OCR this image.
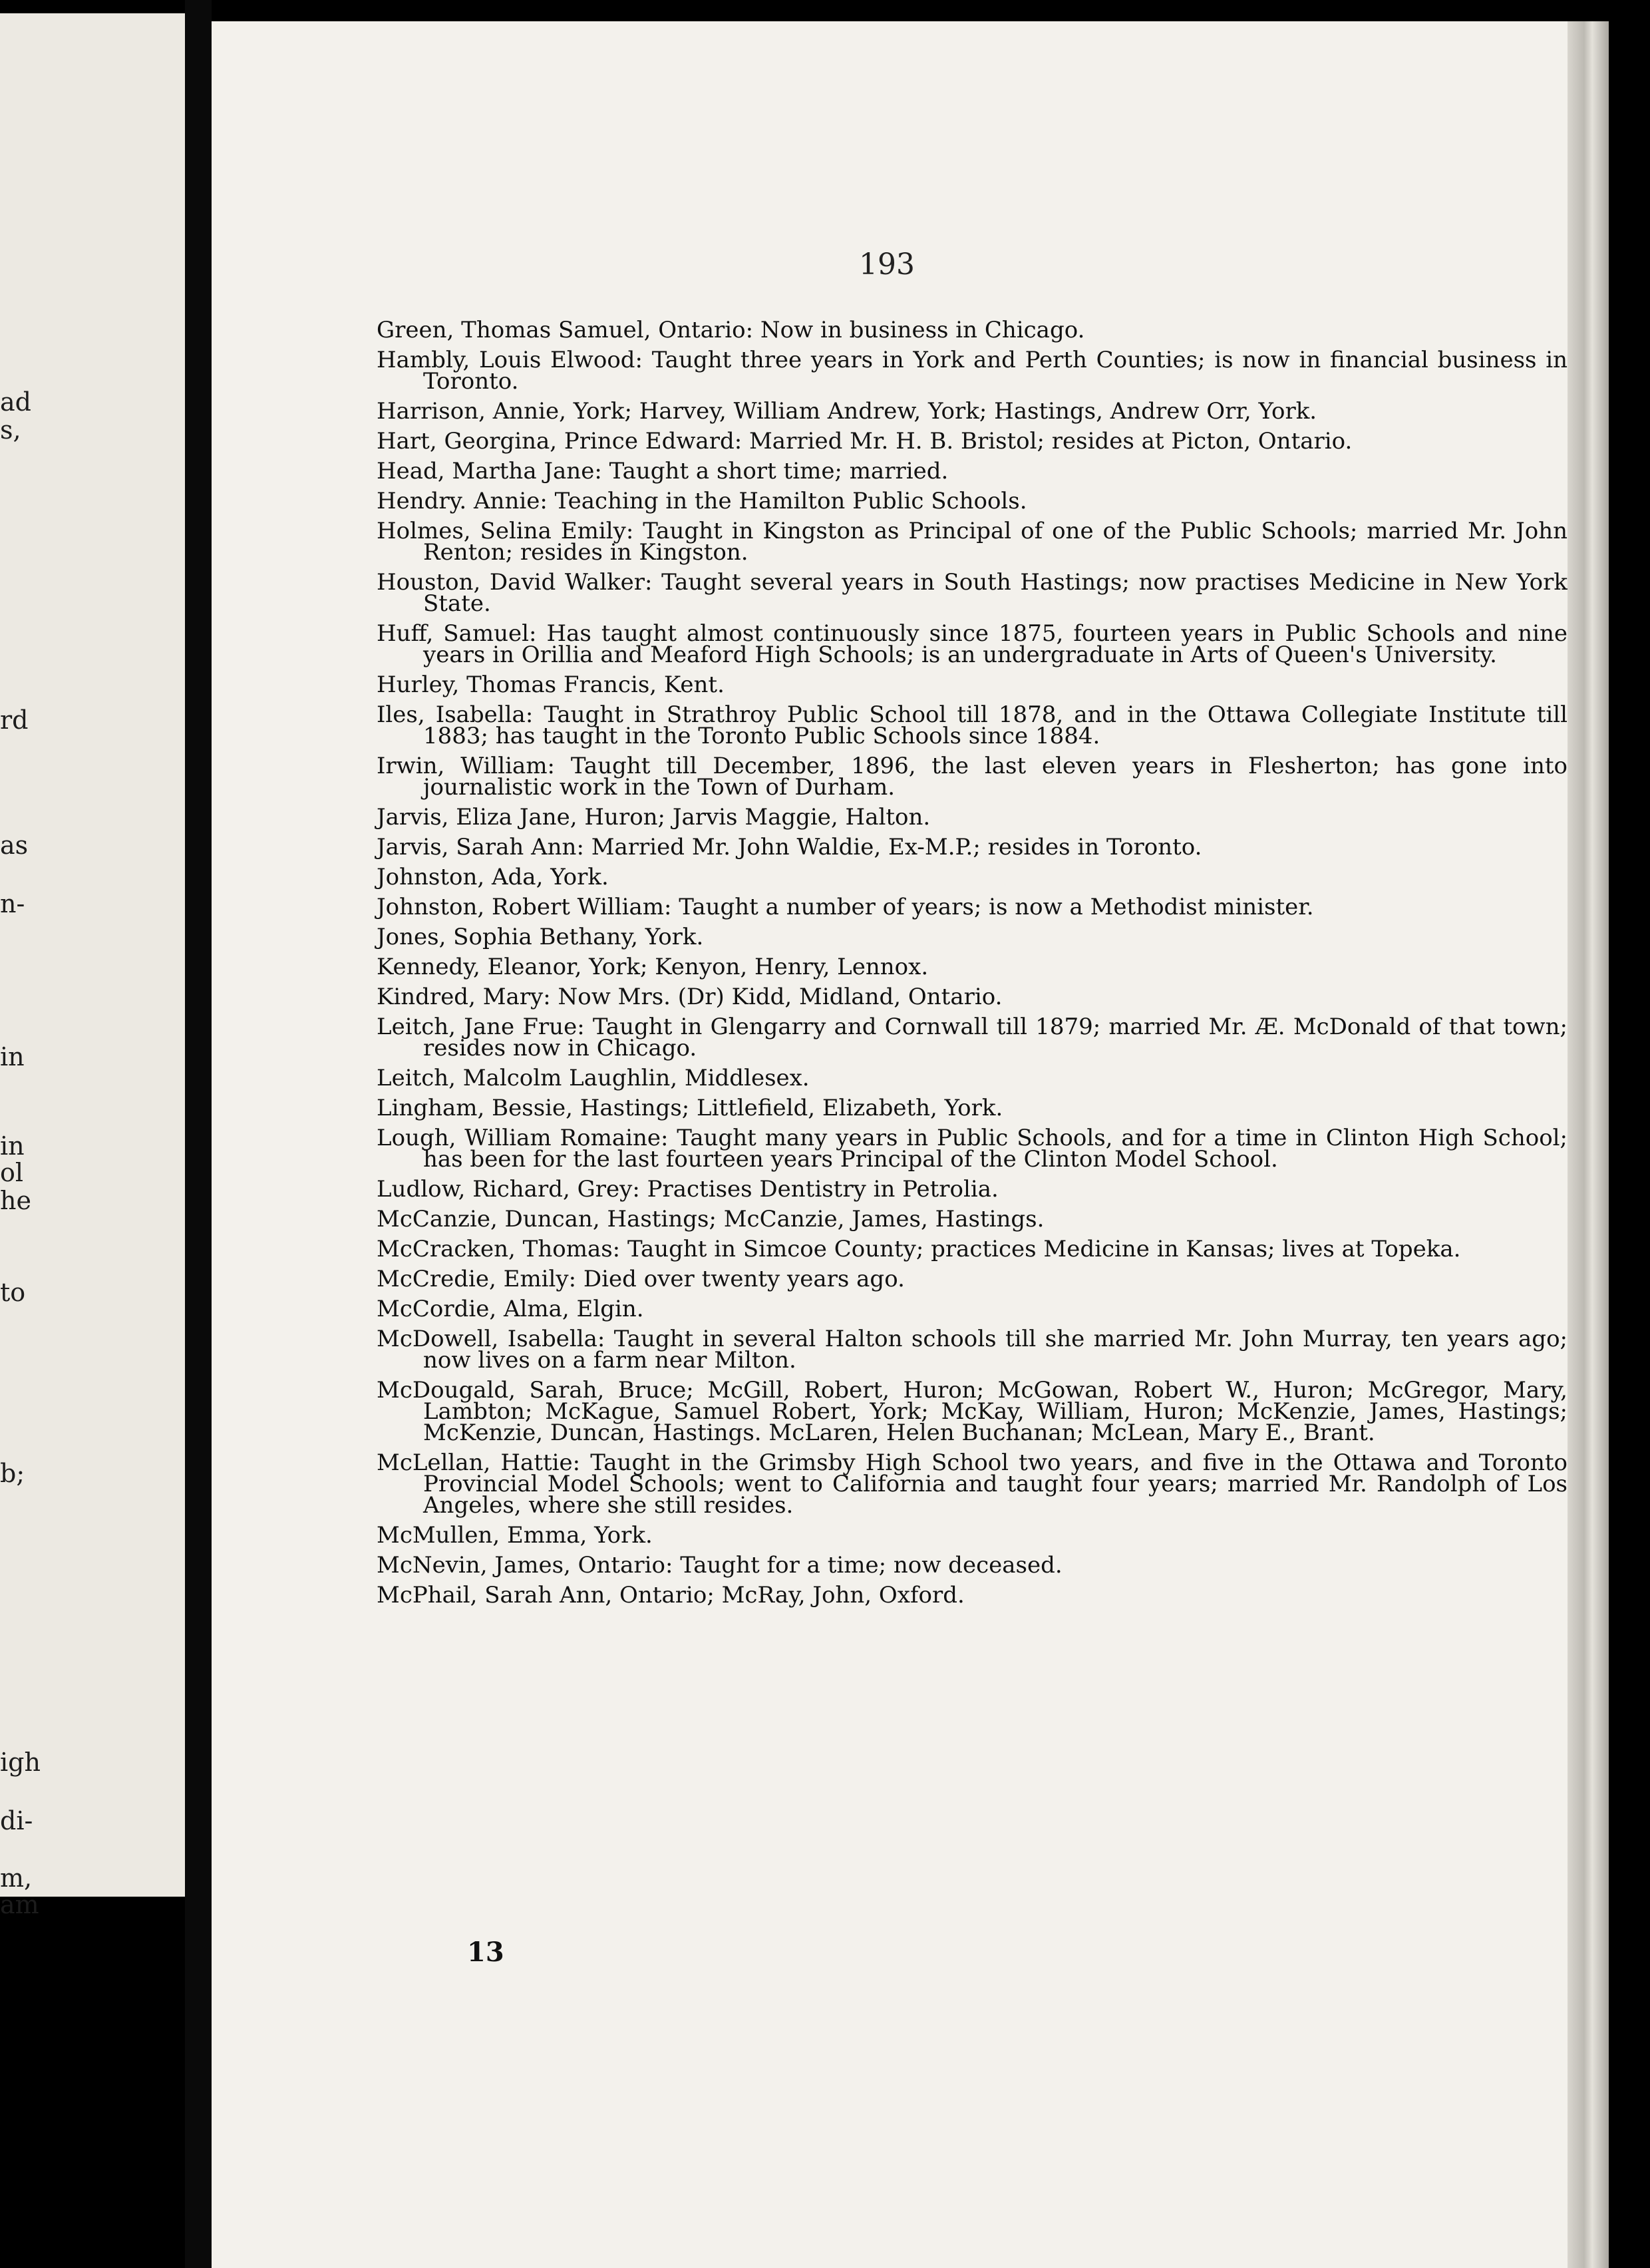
ad
s,
rd
as
n-
in
in
ol
he
to
b;
igh
di-
m,
am
193
Green, Thomas Samuel, Ontario: Now in business in Chicago.
Hambly, Louis Elwood: Taught three years in York and Perth Counties; is now in financial business in Toronto.
Harrison, Annie, York; Harvey, William Andrew, York; Hastings, Andrew Orr, York.
Hart, Georgina, Prince Edward: Married Mr. H. B. Bristol; resides at Picton, Ontario.
Head, Martha Jane: Taught a short time; married.
Hendry. Annie: Teaching in the Hamilton Public Schools.
Holmes, Selina Emily: Taught in Kingston as Principal of one of the Public Schools; married Mr. John Renton; resides in Kingston.
Houston, David Walker: Taught several years in South Hastings; now practises Medicine in New York State.
Huff, Samuel: Has taught almost continuously since 1875, fourteen years in Public Schools and nine years in Orillia and Meaford High Schools; is an undergraduate in Arts of Queen's University.
Hurley, Thomas Francis, Kent.
Iles, Isabella: Taught in Strathroy Public School till 1878, and in the Ottawa Collegiate Institute till 1883; has taught in the Toronto Public Schools since 1884.
Irwin, William: Taught till December, 1896, the last eleven years in Flesherton; has gone into journalistic work in the Town of Durham.
Jarvis, Eliza Jane, Huron; Jarvis Maggie, Halton.
Jarvis, Sarah Ann: Married Mr. John Waldie, Ex-M.P.; resides in Toronto.
Johnston, Ada, York.
Johnston, Robert William: Taught a number of years; is now a Methodist minister.
Jones, Sophia Bethany, York.
Kennedy, Eleanor, York; Kenyon, Henry, Lennox.
Kindred, Mary: Now Mrs. (Dr) Kidd, Midland, Ontario.
Leitch, Jane Frue: Taught in Glengarry and Cornwall till 1879; married Mr. Æ. McDonald of that town; resides now in Chicago.
Leitch, Malcolm Laughlin, Middlesex.
Lingham, Bessie, Hastings; Littlefield, Elizabeth, York.
Lough, William Romaine: Taught many years in Public Schools, and for a time in Clinton High School; has been for the last fourteen years Principal of the Clinton Model School.
Ludlow, Richard, Grey: Practises Dentistry in Petrolia.
McCanzie, Duncan, Hastings; McCanzie, James, Hastings.
McCracken, Thomas: Taught in Simcoe County; practices Medicine in Kansas; lives at Topeka.
McCredie, Emily: Died over twenty years ago.
McCordie, Alma, Elgin.
McDowell, Isabella: Taught in several Halton schools till she married Mr. John Murray, ten years ago; now lives on a farm near Milton.
McDougald, Sarah, Bruce; McGill, Robert, Huron; McGowan, Robert W., Huron; McGregor, Mary, Lambton; McKague, Samuel Robert, York; McKay, William, Huron; McKenzie, James, Hastings; McKenzie, Duncan, Hastings. McLaren, Helen Buchanan; McLean, Mary E., Brant.
McLellan, Hattie: Taught in the Grimsby High School two years, and five in the Ottawa and Toronto Provincial Model Schools; went to California and taught four years; married Mr. Randolph of Los Angeles, where she still resides.
McMullen, Emma, York.
McNevin, James, Ontario: Taught for a time; now deceased.
McPhail, Sarah Ann, Ontario; McRay, John, Oxford.
13
